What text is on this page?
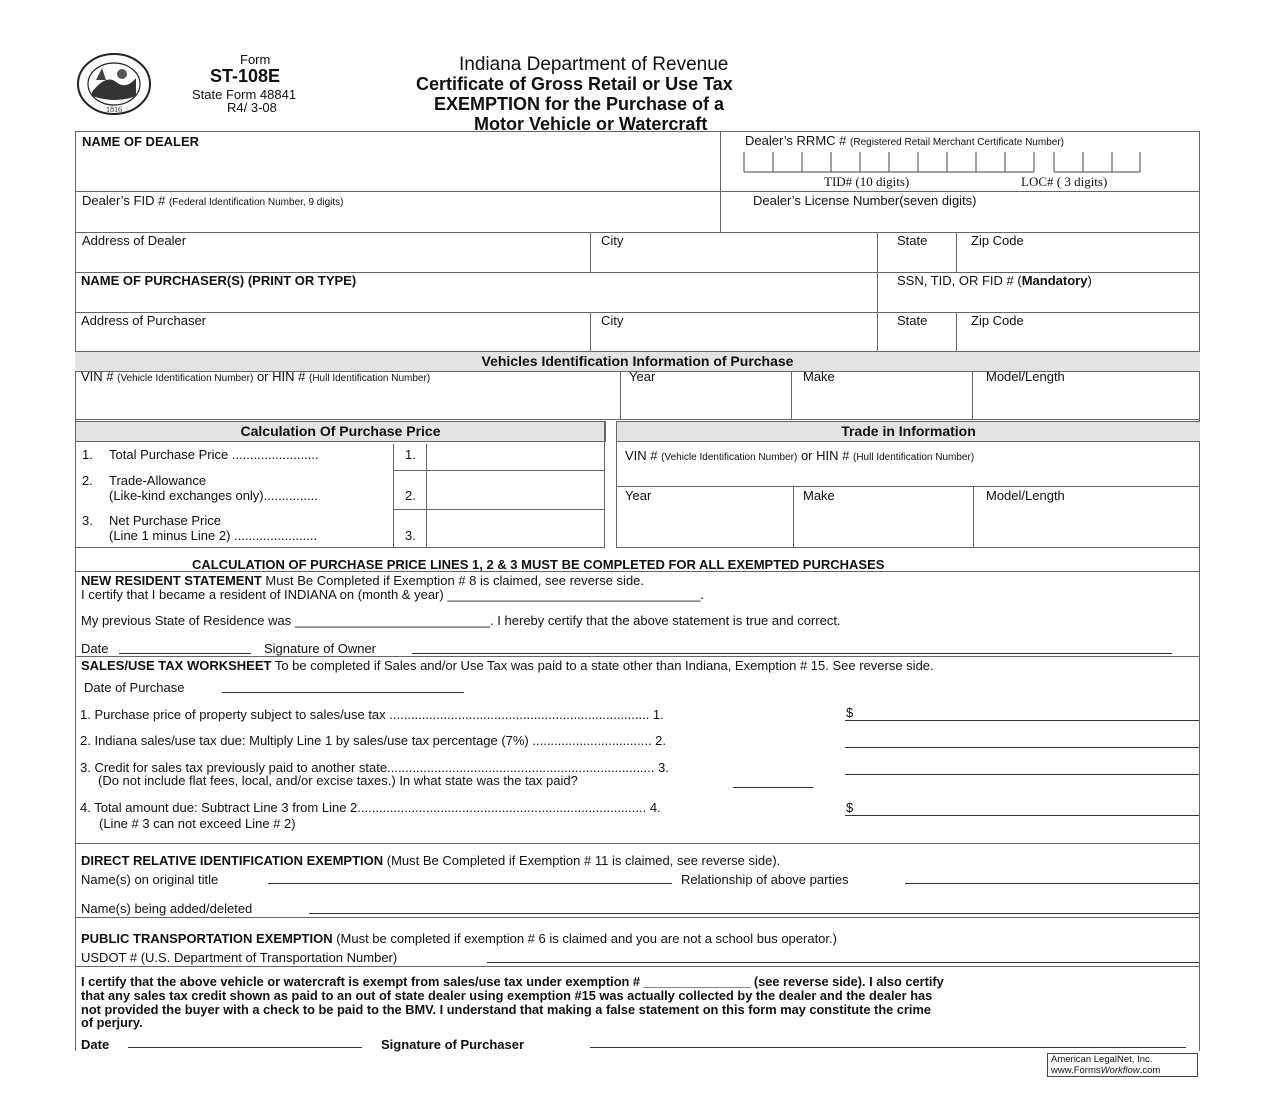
1816
Form
ST-108E
State Form 48841
R4/ 3-08
Indiana Department of Revenue
Certificate of Gross Retail or Use Tax
EXEMPTION for the Purchase of a
Motor Vehicle or Watercraft
NAME OF DEALER	Dealer’s RRMC # (Registered Retail Merchant Certificate Number)
TID# (10 digits)	LOC# ( 3 digits)
Dealer’s FID # (Federal Identification Number, 9 digits)	Dealer’s License Number(seven digits)
Address of Dealer	City	State	Zip Code
NAME OF PURCHASER(S) (PRINT OR TYPE)	SSN, TID, OR FID # (Mandatory)
Address of Purchaser	City	State	Zip Code
Vehicles Identification Information of Purchase
VIN # (Vehicle Identification Number) or HIN # (Hull Identification Number)	Year	Make	Model/Length
Calculation Of Purchase Price
1. Total Purchase Price ........................	1.
2. Trade-Allowance
(Like-kind exchanges only)...............	2.
3. Net Purchase Price
(Line 1 minus Line 2) .......................	3.
Trade in Information
VIN # (Vehicle Identification Number) or HIN # (Hull Identification Number)
Year	Make	Model/Length
CALCULATION OF PURCHASE PRICE LINES 1, 2 & 3 MUST BE COMPLETED FOR ALL EXEMPTED PURCHASES
NEW RESIDENT STATEMENT Must Be Completed if Exemption # 8 is claimed, see reverse side.
I certify that I became a resident of INDIANA on (month & year) ___________________________________.
My previous State of Residence was ___________________________. I hereby certify that the above statement is true and correct.
Date	Signature of Owner
SALES/USE TAX WORKSHEET To be completed if Sales and/or Use Tax was paid to a state other than Indiana, Exemption # 15. See reverse side.
Date of Purchase
1. Purchase price of property subject to sales/use tax ........................................................................ 1.	$
2. Indiana sales/use tax due: Multiply Line 1 by sales/use tax percentage (7%) ................................. 2.
3. Credit for sales tax previously paid to another state.......................................................................... 3.
(Do not include flat fees, local, and/or excise taxes.) In what state was the tax paid?
4. Total amount due: Subtract Line 3 from Line 2................................................................................ 4.	$
(Line # 3 can not exceed Line # 2)
DIRECT RELATIVE IDENTIFICATION EXEMPTION (Must Be Completed if Exemption # 11 is claimed, see reverse side).
Name(s) on original title	Relationship of above parties
Name(s) being added/deleted
PUBLIC TRANSPORTATION EXEMPTION (Must be completed if exemption # 6 is claimed and you are not a school bus operator.)
USDOT # (U.S. Department of Transportation Number)
I certify that the above vehicle or watercraft is exempt from sales/use tax under exemption # _______________ (see reverse side). I also certify
that any sales tax credit shown as paid to an out of state dealer using exemption #15 was actually collected by the dealer and the dealer has
not provided the buyer with a check to be paid to the BMV. I understand that making a false statement on this form may constitute the crime
of perjury.
Date	Signature of Purchaser
American LegalNet, Inc.
www.FormsWorkflow.com
